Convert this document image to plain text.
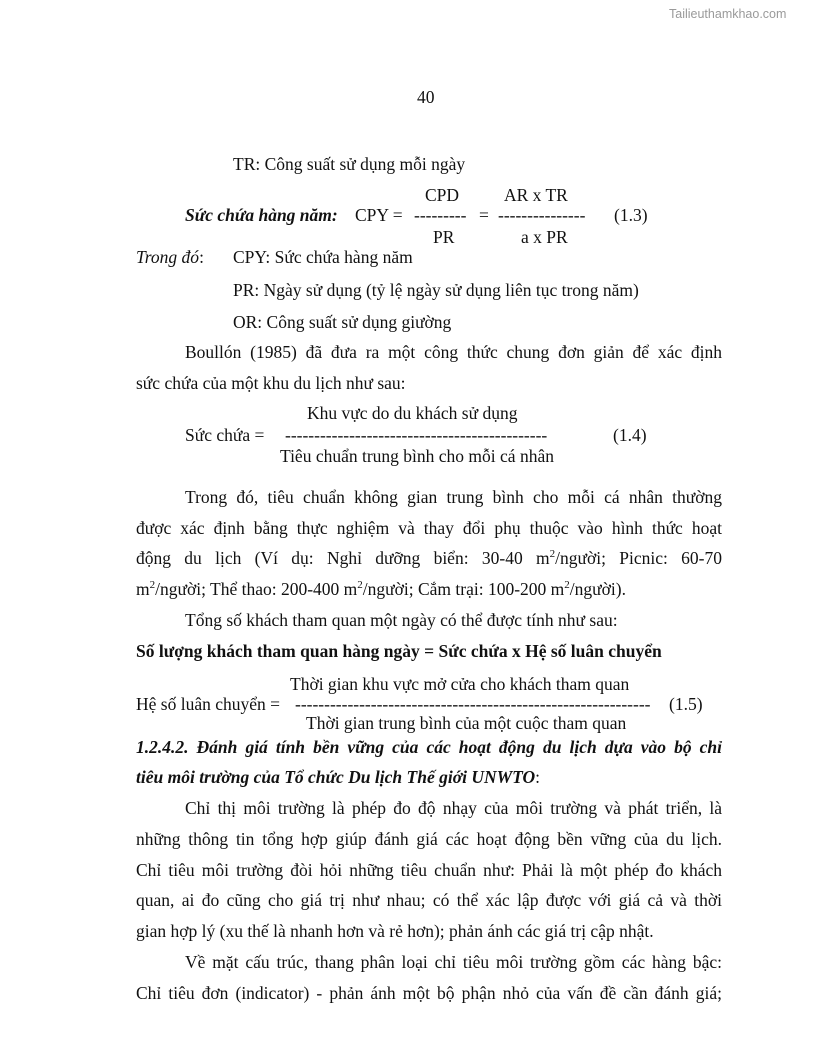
Tailieuthamkhao.com
40
TR: Công suất sử dụng mỗi ngày
CPD	AR x TR
Sức chứa hàng năm: CPY = --------- = --------------- (1.3)
PR	a x PR
Trong đó: CPY: Sức chứa hàng năm
PR: Ngày sử dụng (tỷ lệ ngày sử dụng liên tục trong năm)
OR: Công suất sử dụng giường
Boullón (1985) đã đưa ra một công thức chung đơn giản để xác định
sức chứa của một khu du lịch như sau:
Khu vực do du khách sử dụng
Sức chứa = ---------------------------------------------	(1.4)
Tiêu chuẩn trung bình cho mỗi cá nhân
Trong đó, tiêu chuẩn không gian trung bình cho mỗi cá nhân thường
được xác định bằng thực nghiệm và thay đổi phụ thuộc vào hình thức hoạt
động du lịch (Ví dụ: Nghỉ dưỡng biển: 30-40 $m^2$/người; Picnic: 60-70
$m^2$/người; Thể thao: 200-400 $m^2$/người; Cắm trại: 100-200 $m^2/người$).
Tổng số khách tham quan một ngày có thể được tính như sau:
Số lượng khách tham quan hàng ngày = Sức chứa x Hệ số luân chuyển
Thời gian khu vực mở cửa cho khách tham quan
Hệ số luân chuyển = ------------------------------------------------------------- (1.5)
Thời gian trung bình của một cuộc tham quan
1.2.4.2. Đánh giá tính bền vững của các hoạt động du lịch dựa vào bộ chỉ
tiêu môi trường của Tổ chức Du lịch Thế giới UNWTO:
Chỉ thị môi trường là phép đo độ nhạy của môi trường và phát triển, là
những thông tin tổng hợp giúp đánh giá các hoạt động bền vững của du lịch.
Chỉ tiêu môi trường đòi hỏi những tiêu chuẩn như: Phải là một phép đo khách
quan, ai đo cũng cho giá trị như nhau; có thể xác lập được với giá cả và thời
gian hợp lý (xu thế là nhanh hơn và rẻ hơn); phản ánh các giá trị cập nhật.
Về mặt cấu trúc, thang phân loại chỉ tiêu môi trường gồm các hàng bậc:
Chỉ tiêu đơn (indicator) - phản ánh một bộ phận nhỏ của vấn đề cần đánh giá;
